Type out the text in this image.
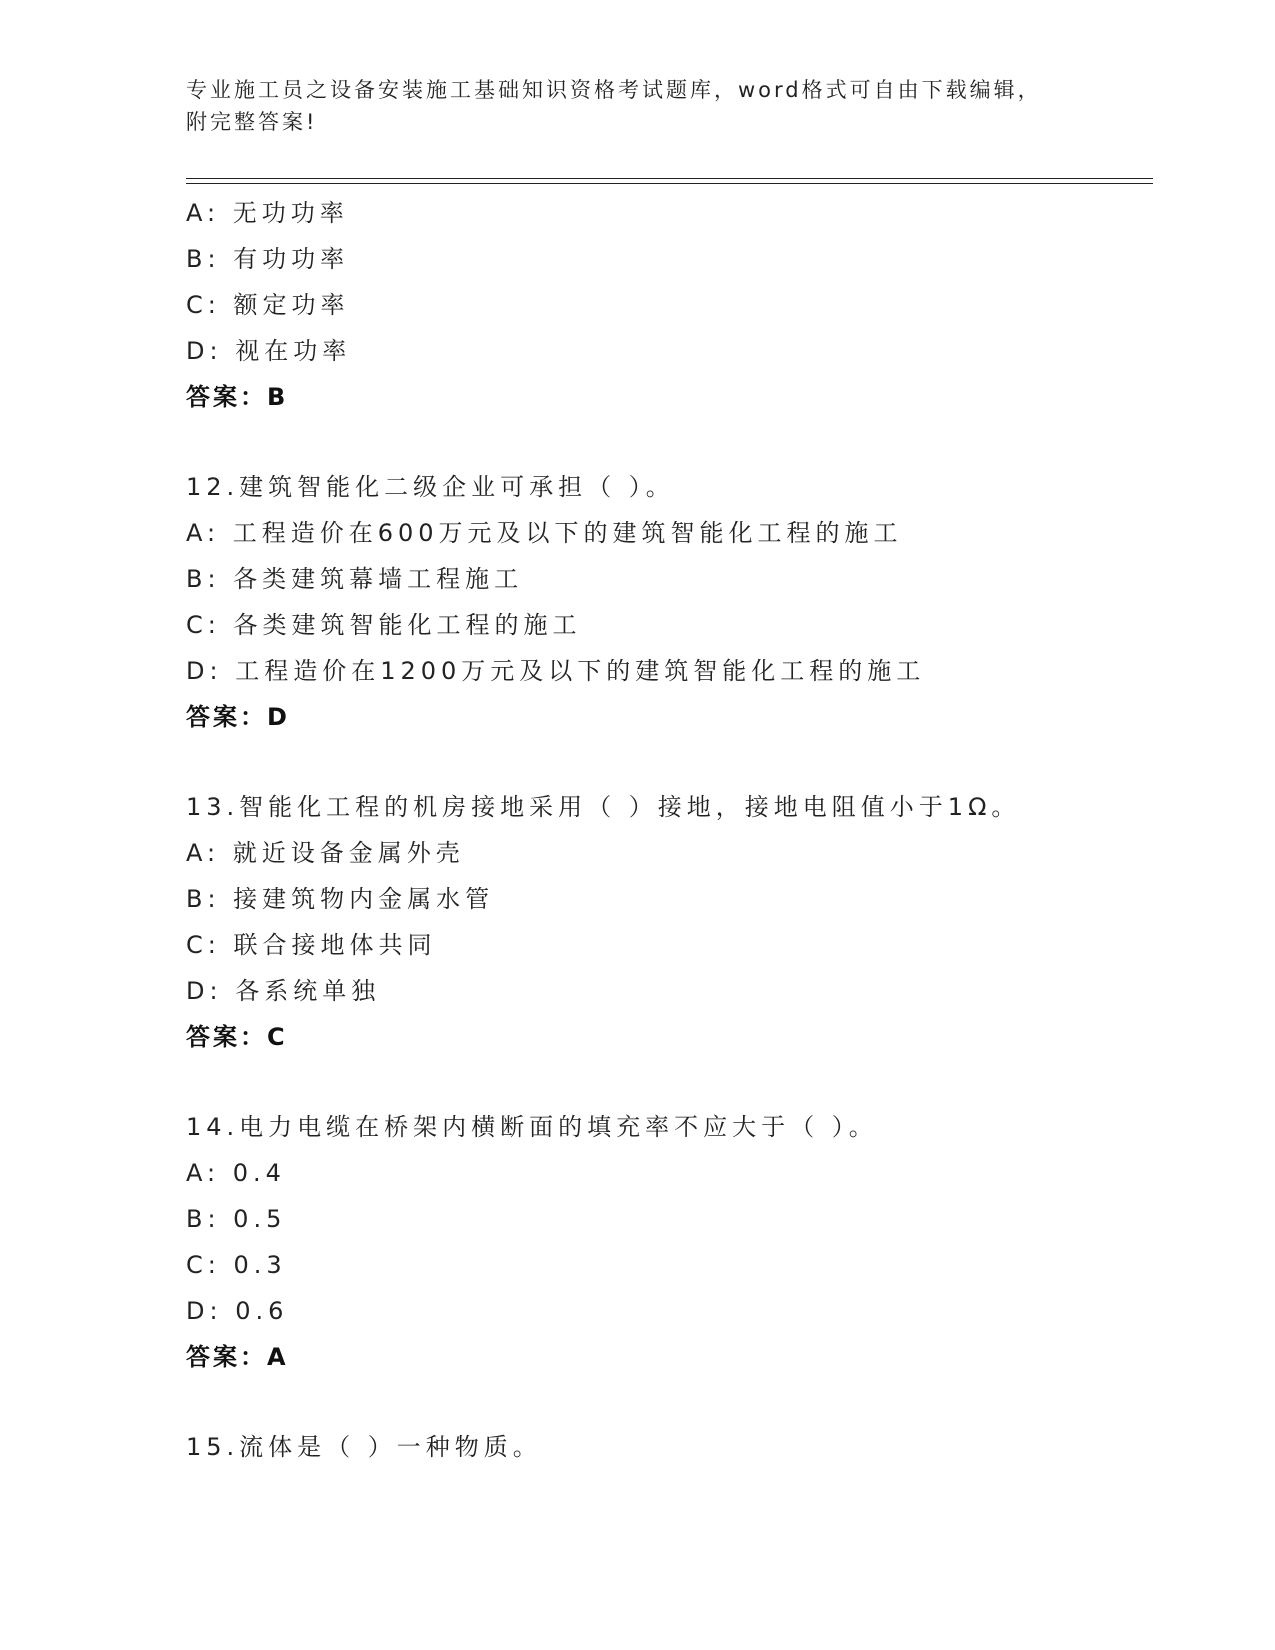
专业施工员之设备安装施工基础知识资格考试题库，word格式可自由下载编辑，
附完整答案!
A: 无功功率
B: 有功功率
C: 额定功率
D: 视在功率
答案：B
12.建筑智能化二级企业可承担（ ）。
A: 工程造价在600万元及以下的建筑智能化工程的施工
B: 各类建筑幕墙工程施工
C: 各类建筑智能化工程的施工
D: 工程造价在1200万元及以下的建筑智能化工程的施工
答案：D
13.智能化工程的机房接地采用（ ）接地，接地电阻值小于1Ω。
A: 就近设备金属外壳
B: 接建筑物内金属水管
C: 联合接地体共同
D: 各系统单独
答案：C
14.电力电缆在桥架内横断面的填充率不应大于（ ）。
A: 0.4
B: 0.5
C: 0.3
D: 0.6
答案：A
15.流体是（ ）一种物质。
